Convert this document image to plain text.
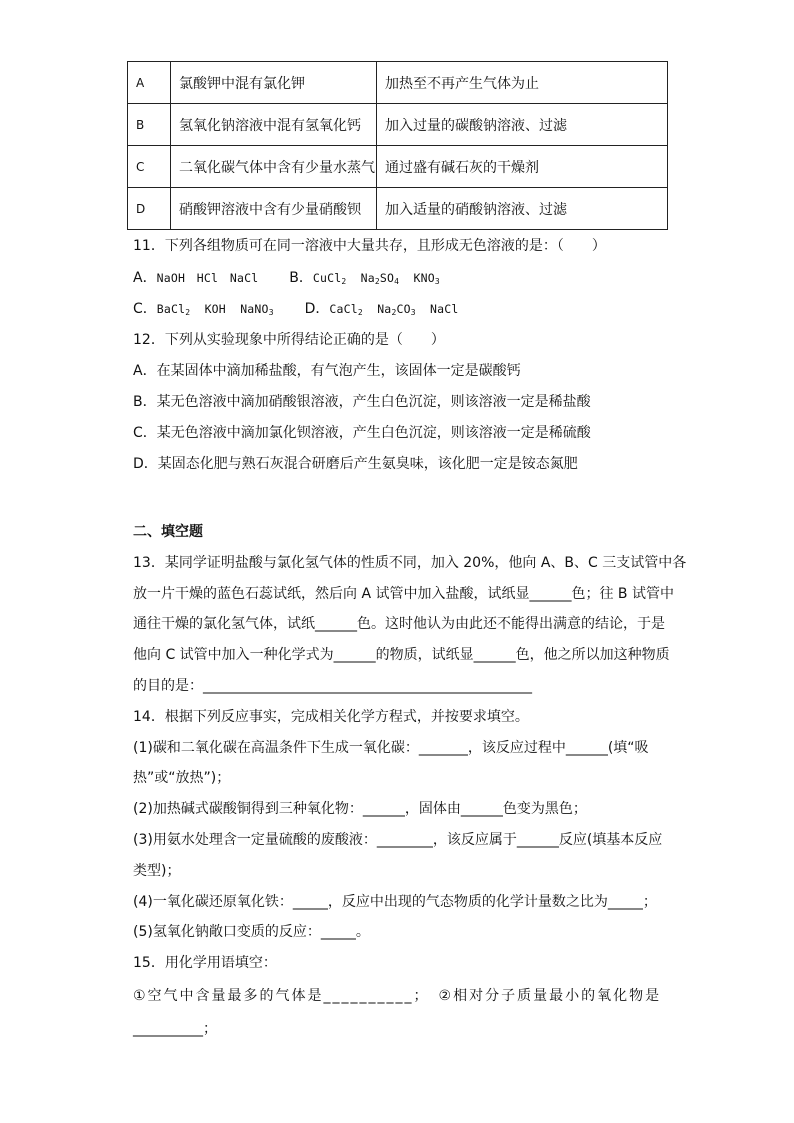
A	氯酸钾中混有氯化钾	加热至不再产生气体为止
B	氢氧化钠溶液中混有氢氧化钙	加入过量的碳酸钠溶液、过滤
C	二氧化碳气体中含有少量水蒸气	通过盛有碱石灰的干燥剂
D	硝酸钾溶液中含有少量硝酸钡	加入适量的硝酸钠溶液、过滤
11．下列各组物质可在同一溶液中大量共存，且形成无色溶液的是：（　　）
A．NaOH　HCl　NaCl B．CuCl$_2$ $Na_2SO_4$ $KNO_3$
C．BaCl$_2$ KOH NaNO$_3$ D．CaCl$_2$ $Na_2CO_3$ NaCl
12．下列从实验现象中所得结论正确的是（　　）
A．在某固体中滴加稀盐酸，有气泡产生，该固体一定是碳酸钙
B．某无色溶液中滴加硝酸银溶液，产生白色沉淀，则该溶液一定是稀盐酸
C．某无色溶液中滴加氯化钡溶液，产生白色沉淀，则该溶液一定是稀硫酸
D．某固态化肥与熟石灰混合研磨后产生氨臭味，该化肥一定是铵态氮肥
二、填空题
13．某同学证明盐酸与氯化氢气体的性质不同，加入 20%，他向 A、B、C 三支试管中各
放一片干燥的蓝色石蕊试纸，然后向 A 试管中加入盐酸，试纸显______色；往 B 试管中
通往干燥的氯化氢气体，试纸______色。这时他认为由此还不能得出满意的结论，于是
他向 C 试管中加入一种化学式为______的物质，试纸显______色，他之所以加这种物质
的目的是：_______________________________________________
14．根据下列反应事实，完成相关化学方程式，并按要求填空。
(1)碳和二氧化碳在高温条件下生成一氧化碳：_______，该反应过程中______(填“吸
热”或“放热”)；
(2)加热碱式碳酸铜得到三种氧化物：______，固体由______色变为黑色；
(3)用氨水处理含一定量硫酸的废酸液：________，该反应属于______反应(填基本反应
类型)；
(4)一氧化碳还原氧化铁：_____，反应中出现的气态物质的化学计量数之比为_____；
(5)氢氧化钠敞口变质的反应：_____。
15．用化学用语填空：
①空气中含量最多的气体是__________；　②相对分子质量最小的氧化物是
__________；
